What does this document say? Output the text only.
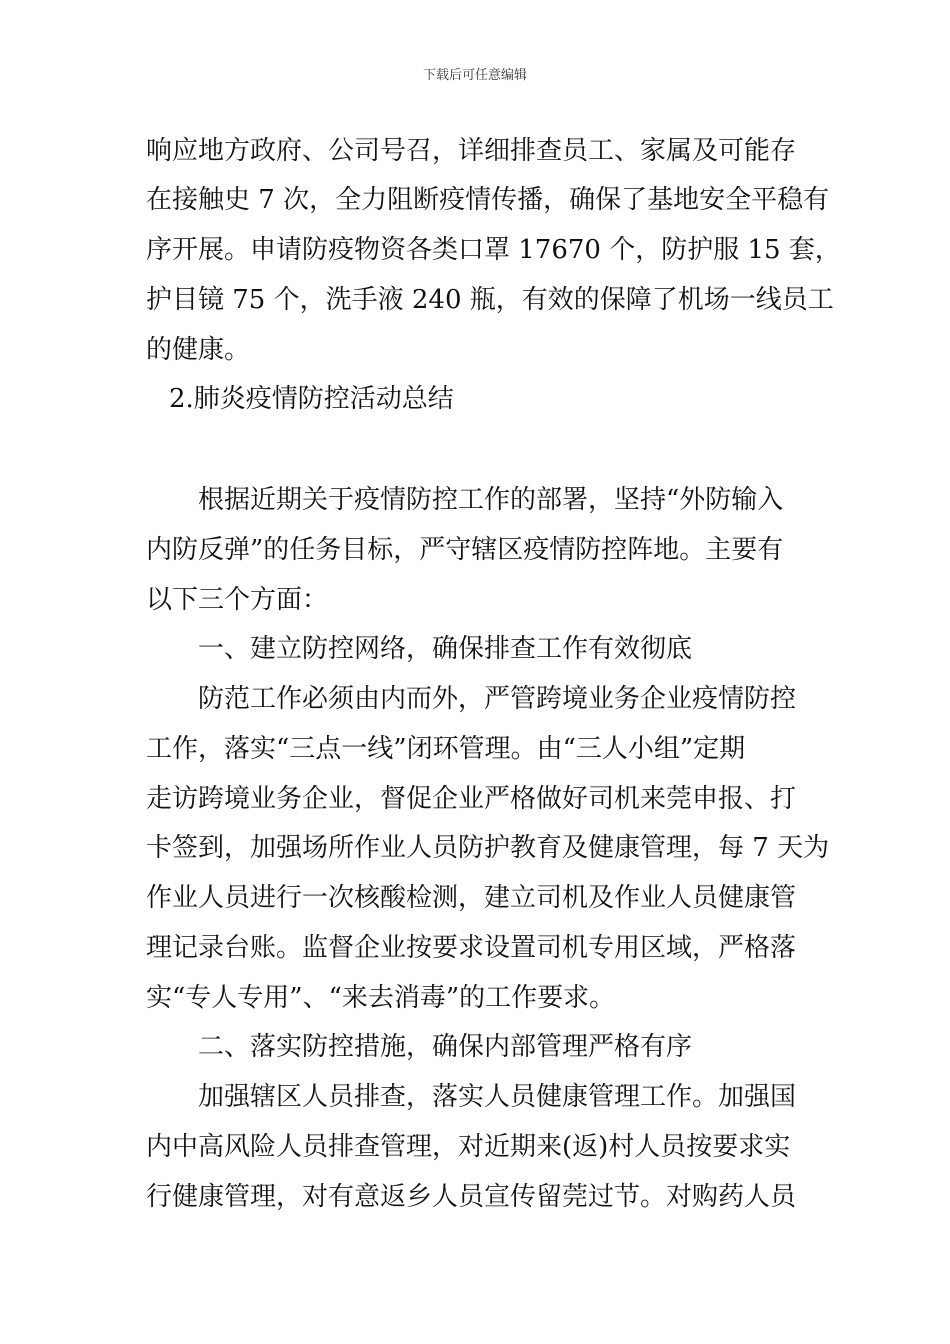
下载后可任意编辑
响应地方政府、公司号召，详细排查员工、家属及可能存
在接触史 7 次，全力阻断疫情传播，确保了基地安全平稳有
序开展。申请防疫物资各类口罩 17670 个，防护服 15 套，
护目镜 75 个，洗手液 240 瓶，有效的保障了机场一线员工
的健康。
2.肺炎疫情防控活动总结
根据近期关于疫情防控工作的部署，坚持“外防输入
内防反弹”的任务目标，严守辖区疫情防控阵地。主要有
以下三个方面：
一、建立防控网络，确保排查工作有效彻底
防范工作必须由内而外，严管跨境业务企业疫情防控
工作，落实“三点一线”闭环管理。由“三人小组”定期
走访跨境业务企业，督促企业严格做好司机来莞申报、打
卡签到，加强场所作业人员防护教育及健康管理，每 7 天为
作业人员进行一次核酸检测，建立司机及作业人员健康管
理记录台账。监督企业按要求设置司机专用区域，严格落
实“专人专用”、“来去消毒”的工作要求。
二、落实防控措施，确保内部管理严格有序
加强辖区人员排查，落实人员健康管理工作。加强国
内中高风险人员排查管理，对近期来(返)村人员按要求实
行健康管理，对有意返乡人员宣传留莞过节。对购药人员
